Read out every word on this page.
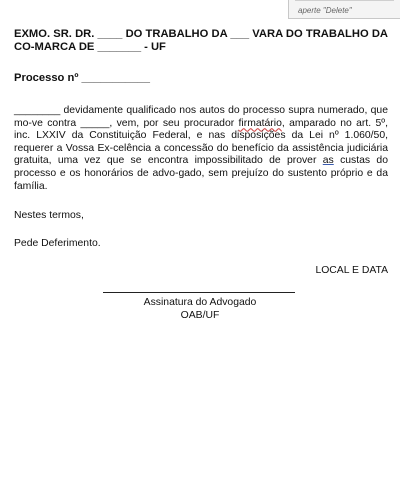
aperte "Delete"

EXMO. SR. DR. ____ DO TRABALHO DA ___ VARA DO TRABALHO DA CO-MARCA DE _______ - UF

Processo nº ___________

________ devidamente qualificado nos autos do processo supra numerado, que mo-ve contra _____, vem, por seu procurador firmatário, amparado no art. 5º, inc. LXXIV da Constituição Federal, e nas disposições da Lei nº 1.060/50, requerer a Vossa Ex-celência a concessão do benefício da assistência judiciária gratuita, uma vez que se encontra impossibilitado de prover as custas do processo e os honorários de advo-gado, sem prejuízo do sustento próprio e da família.

Nestes termos,

Pede Deferimento.

LOCAL E DATA

Assinatura do Advogado
OAB/UF
